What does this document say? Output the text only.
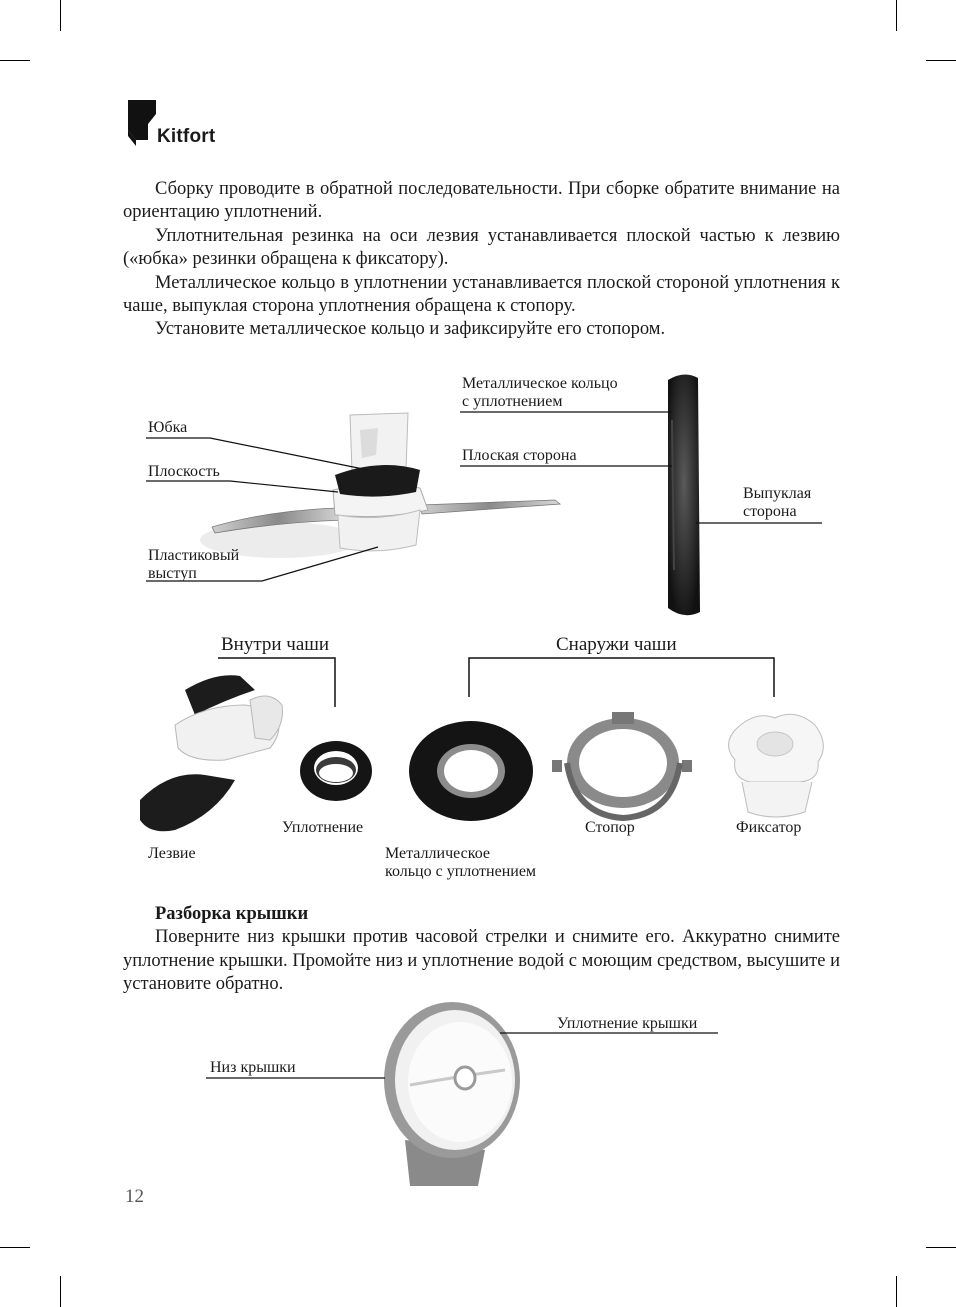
Kitfort

Сборку проводите в обратной последовательности. При сборке обратите внимание на ориентацию уплотнений.

Уплотнительная резинка на оси лезвия устанавливается плоской частью к лезвию («юбка» резинки обращена к фиксатору).

Металлическое кольцо в уплотнении устанавливается плоской стороной уплотнения к чаше, выпуклая сторона уплотнения обращена к стопору.

Установите металлическое кольцо и зафиксируйте его стопором.

Юбка
Плоскость
Пластиковый
выступ
Металлическое кольцо
с уплотнением
Плоская сторона
Выпуклая
сторона
Внутри чаши	Снаружи чаши
Лезвие
Уплотнение
Металлическое
кольцо с уплотнением
Стопор	Фиксатор

Разборка крышки

Поверните низ крышки против часовой стрелки и снимите его. Аккуратно снимите уплотнение крышки. Промойте низ и уплотнение водой с моющим средством, высушите и установите обратно.

Уплотнение крышки
Низ крышки
12
